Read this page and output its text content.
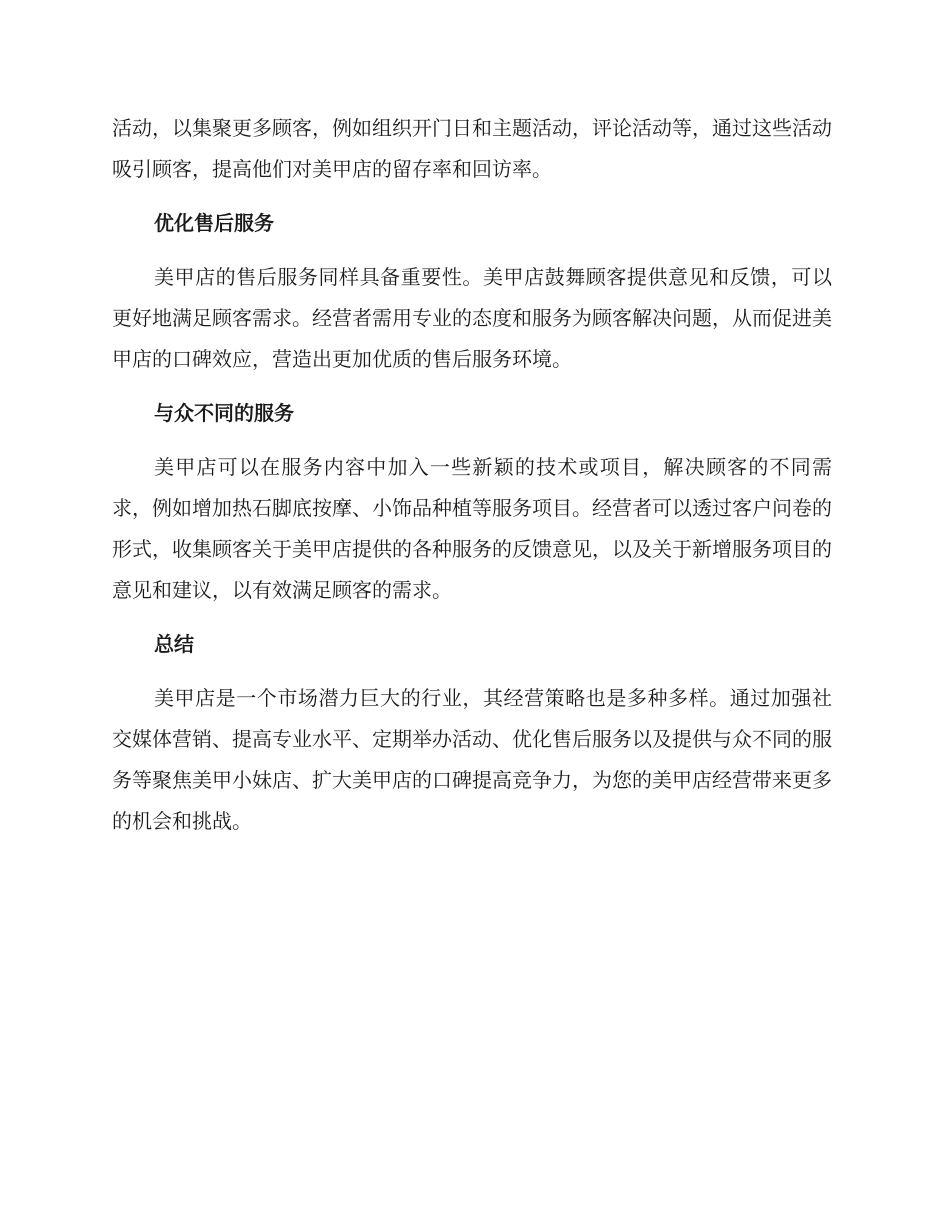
活动，以集聚更多顾客，例如组织开门日和主题活动，评论活动等，通过这些活动吸引顾客，提高他们对美甲店的留存率和回访率。

优化售后服务

美甲店的售后服务同样具备重要性。美甲店鼓舞顾客提供意见和反馈，可以更好地满足顾客需求。经营者需用专业的态度和服务为顾客解决问题，从而促进美甲店的口碑效应，营造出更加优质的售后服务环境。

与众不同的服务

美甲店可以在服务内容中加入一些新颖的技术或项目，解决顾客的不同需求，例如增加热石脚底按摩、小饰品种植等服务项目。经营者可以透过客户问卷的形式，收集顾客关于美甲店提供的各种服务的反馈意见，以及关于新增服务项目的意见和建议，以有效满足顾客的需求。

总结

美甲店是一个市场潜力巨大的行业，其经营策略也是多种多样。通过加强社交媒体营销、提高专业水平、定期举办活动、优化售后服务以及提供与众不同的服务等聚焦美甲小妹店、扩大美甲店的口碑提高竞争力，为您的美甲店经营带来更多的机会和挑战。
